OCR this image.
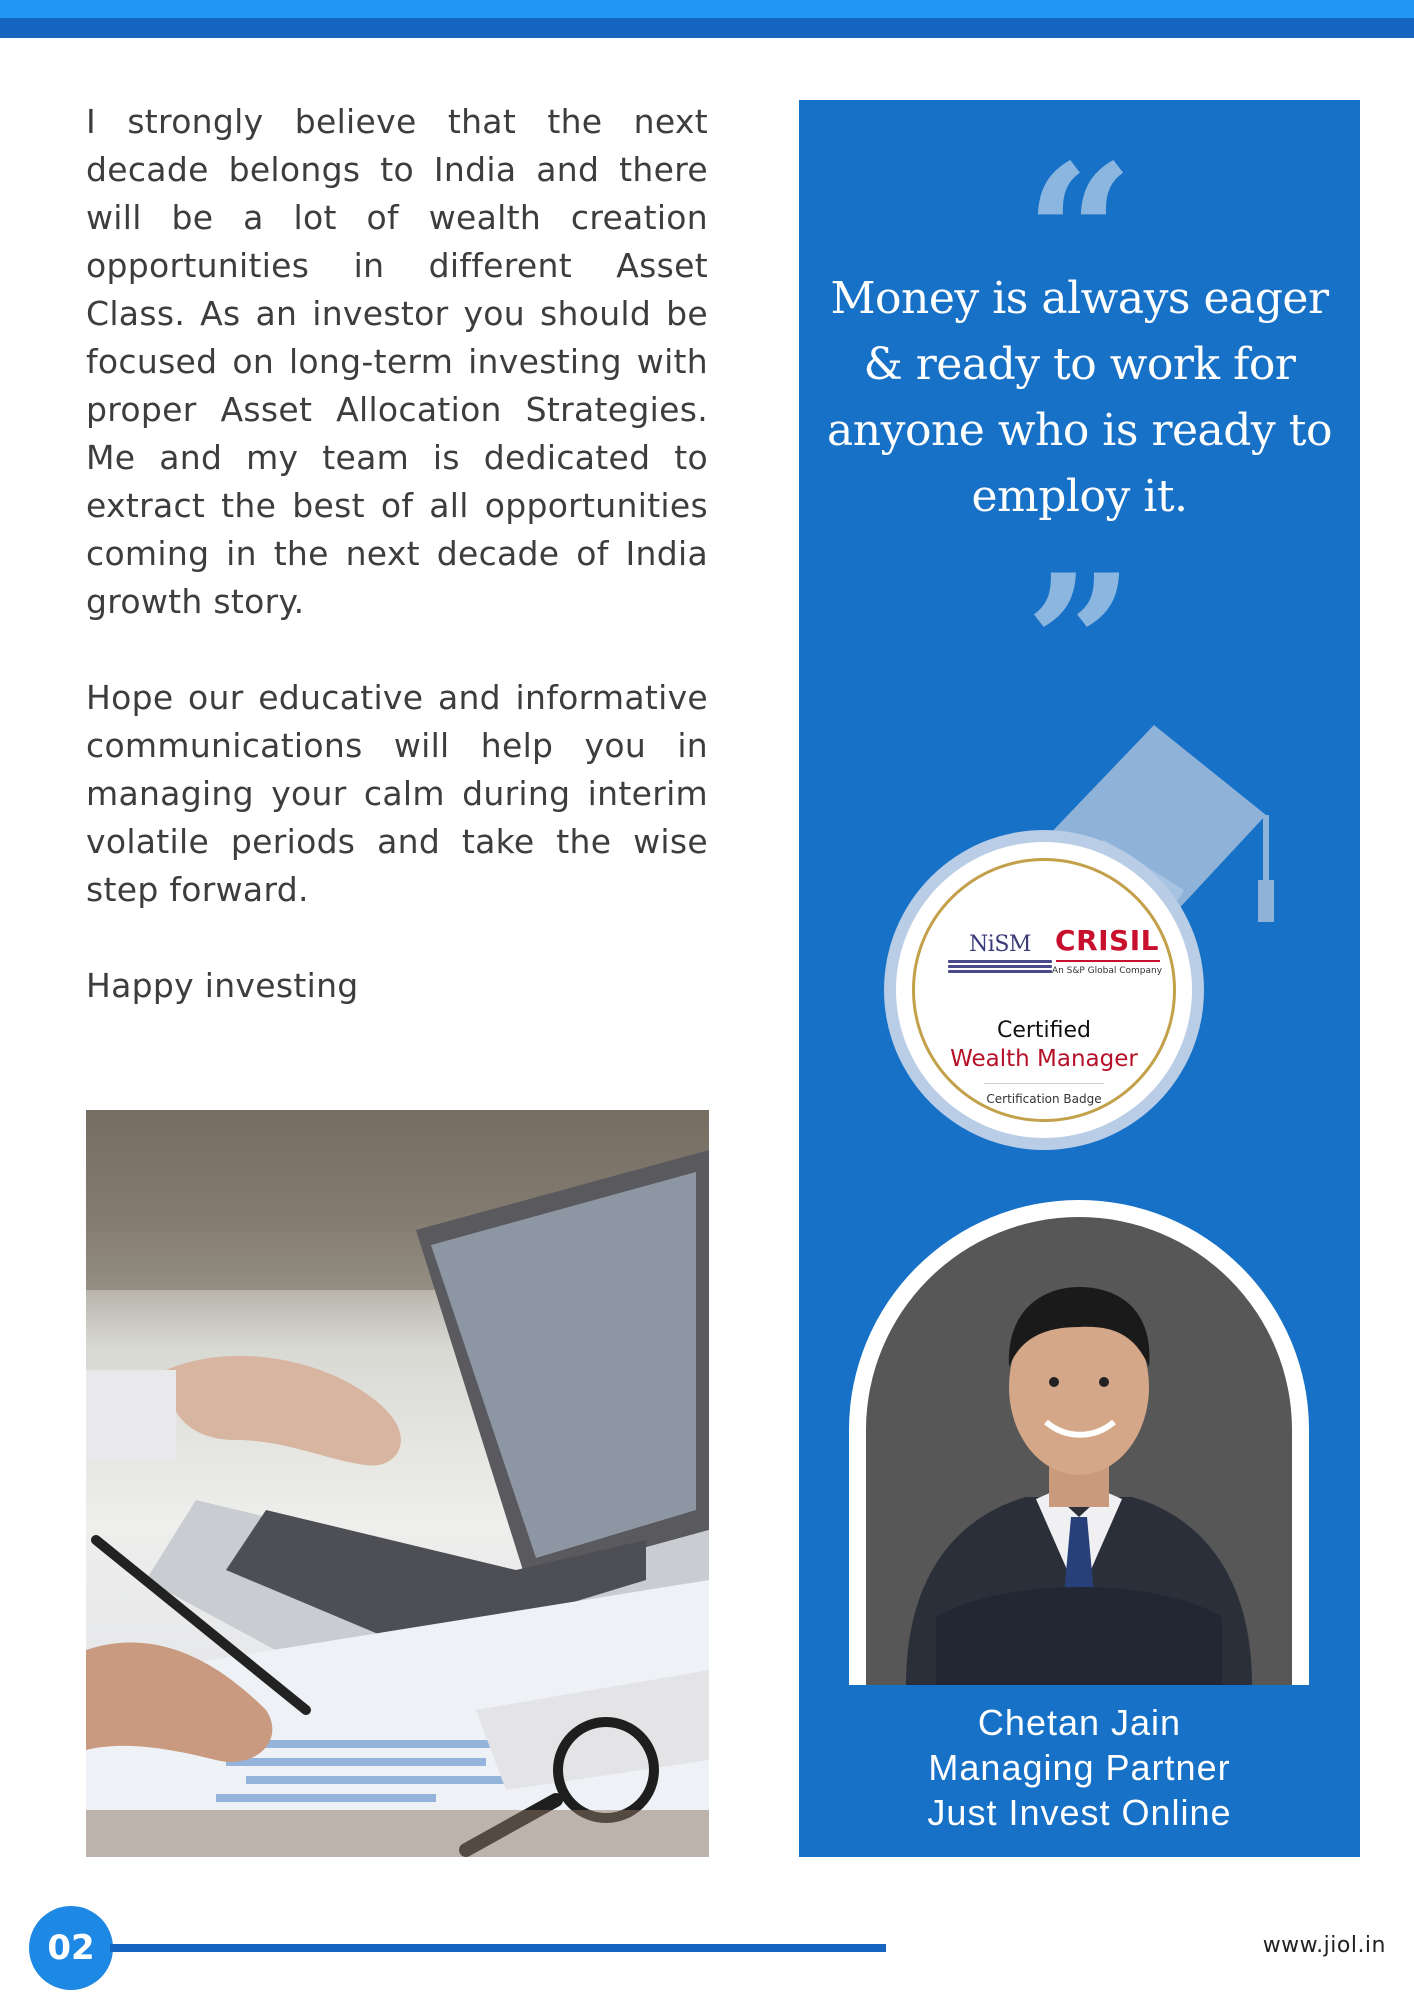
I strongly believe that the next decade belongs to India and there will be a lot of wealth creation opportunities in different Asset Class. As an investor you should be focused on long-term investing with proper Asset Allocation Strategies. Me and my team is dedicated to extract the best of all opportunities coming in the next decade of India growth story.

Hope our educative and informative communications will help you in managing your calm during interim volatile periods and take the wise step forward.

Happy investing

“
Money is always eager & ready to work for anyone who is ready to employ it.
”
NiSM CRISIL
An S&P Global Company
Certified
Wealth Manager
Certification Badge
Chetan Jain
Managing Partner
Just Invest Online
02	www.jiol.in
